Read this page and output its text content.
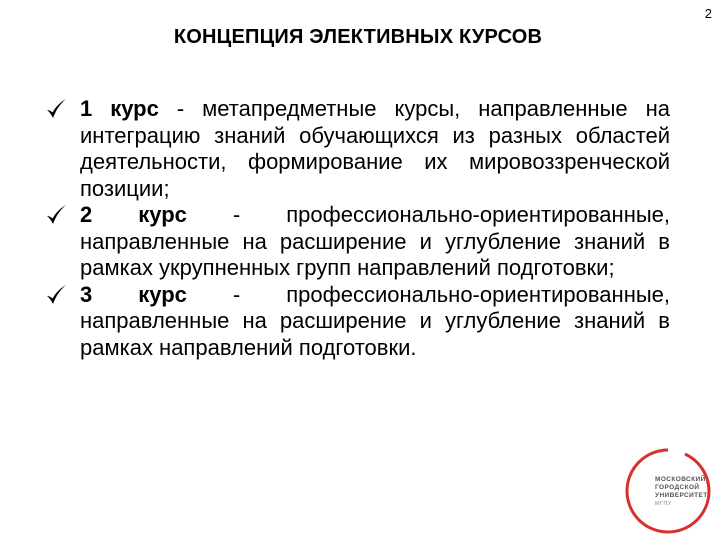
2
КОНЦЕПЦИЯ ЭЛЕКТИВНЫХ КУРСОВ
1 курс - метапредметные курсы, направленные на интеграцию знаний обучающихся из разных областей деятельности, формирование их мировоззренческой позиции;
2 курс - профессионально-ориентированные, направленные на расширение и углубление знаний в рамках укрупненных групп направлений подготовки;
3 курс - профессионально-ориентированные, направленные на расширение и углубление знаний в рамках направлений подготовки.
МОСКОВСКИЙ
ГОРОДСКОЙ
УНИВЕРСИТЕТ
МГПУ
